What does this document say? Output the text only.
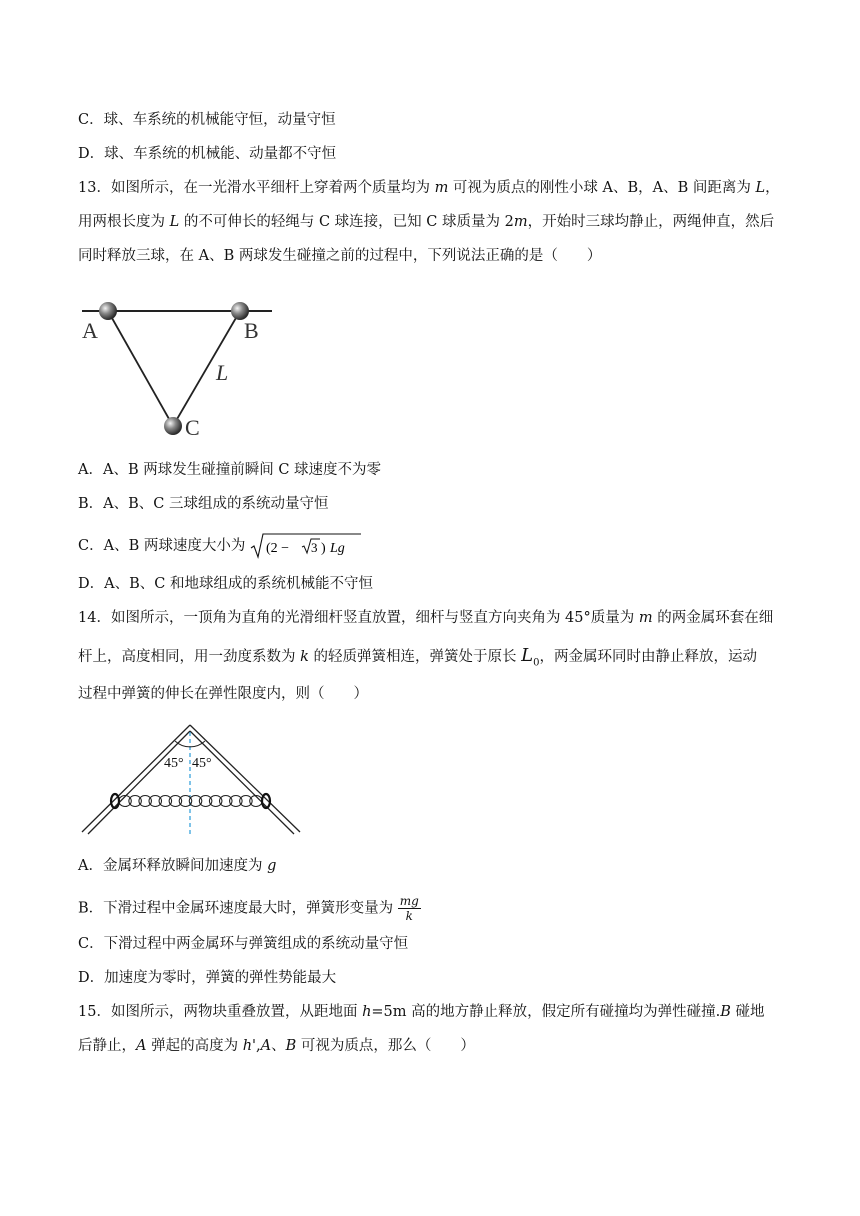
C．球、车系统的机械能守恒，动量守恒
D．球、车系统的机械能、动量都不守恒
13．如图所示，在一光滑水平细杆上穿着两个质量均为 m 可视为质点的刚性小球 A、B，A、B 间距离为 L，
用两根长度为 L 的不可伸长的轻绳与 C 球连接，已知 C 球质量为 2m，开始时三球均静止，两绳伸直，然后
同时释放三球，在 A、B 两球发生碰撞之前的过程中，下列说法正确的是（　　）
A	B
C
L
A．A、B 两球发生碰撞前瞬间 C 球速度不为零
B．A、B、C 三球组成的系统动量守恒
C．A、B 两球速度大小为 (2 − 3 ) Lg
D．A、B、C 和地球组成的系统机械能不守恒
14．如图所示，一顶角为直角的光滑细杆竖直放置，细杆与竖直方向夹角为 45°质量为 m 的两金属环套在细
杆上，高度相同，用一劲度系数为 k 的轻质弹簧相连，弹簧处于原长 $L_0$，两金属环同时由静止释放，运动
过程中弹簧的伸长在弹性限度内，则（　　）
45° 45°
A．金属环释放瞬间加速度为 g
B．下滑过程中金属环速度最大时，弹簧形变量为 $\frac{mg}{k}$
C．下滑过程中两金属环与弹簧组成的系统动量守恒
D．加速度为零时，弹簧的弹性势能最大
15．如图所示，两物块重叠放置，从距地面 h=5m 高的地方静止释放，假定所有碰撞均为弹性碰撞.B 碰地
后静止，A 弹起的高度为 h',A、B 可视为质点，那么（　　）
